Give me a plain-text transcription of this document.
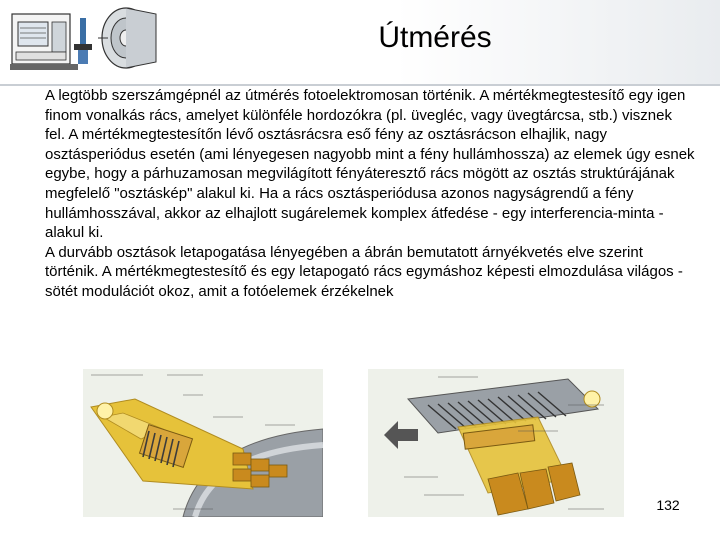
Útmérés

A legtöbb szerszámgépnél az útmérés fotoelektromosan történik. A mértékmegtestesítő egy igen finom vonalkás rács, amelyet különféle hordozókra (pl. üvegléc, vagy üvegtárcsa, stb.) visznek fel. A mértékmegtestesítőn lévő osztásrácsra eső fény az osztásrácson elhajlik, nagy osztásperiódus esetén (ami lényegesen nagyobb mint a fény hullámhossza) az elemek úgy esnek egybe, hogy a párhuzamosan megvilágított fényáteresztő rács mögött az osztás struktúrájának megfelelő "osztáskép" alakul ki. Ha a rács osztásperiódusa azonos nagyságrendű a fény hullámhosszával, akkor az elhajlott sugárelemek komplex átfedése - egy interferencia-minta - alakul ki.

A durvább osztások letapogatása lényegében a ábrán bemutatott árnyékvetés elve szerint történik. A mértékmegtestesítő és egy letapogató rács egymáshoz képesti elmozdulása világos - sötét modulációt okoz, amit a fotóelemek érzékelnek

132
